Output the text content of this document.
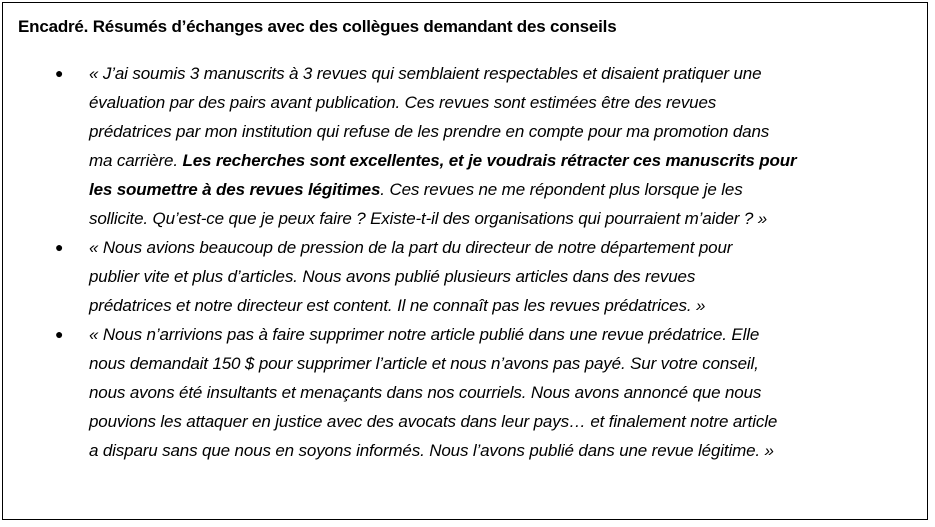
Encadré. Résumés d’échanges avec des collègues demandant des conseils
● « J’ai soumis 3 manuscrits à 3 revues qui semblaient respectables et disaient pratiquer une
évaluation par des pairs avant publication. Ces revues sont estimées être des revues
prédatrices par mon institution qui refuse de les prendre en compte pour ma promotion dans
ma carrière. Les recherches sont excellentes, et je voudrais rétracter ces manuscrits pour
les soumettre à des revues légitimes. Ces revues ne me répondent plus lorsque je les
sollicite. Qu’est-ce que je peux faire ? Existe-t-il des organisations qui pourraient m’aider ? »

● « Nous avions beaucoup de pression de la part du directeur de notre département pour
publier vite et plus d’articles. Nous avons publié plusieurs articles dans des revues
prédatrices et notre directeur est content. Il ne connaît pas les revues prédatrices. »

● « Nous n’arrivions pas à faire supprimer notre article publié dans une revue prédatrice. Elle
nous demandait 150 $ pour supprimer l’article et nous n’avons pas payé. Sur votre conseil,
nous avons été insultants et menaçants dans nos courriels. Nous avons annoncé que nous
pouvions les attaquer en justice avec des avocats dans leur pays… et finalement notre article
a disparu sans que nous en soyons informés. Nous l’avons publié dans une revue légitime. »
